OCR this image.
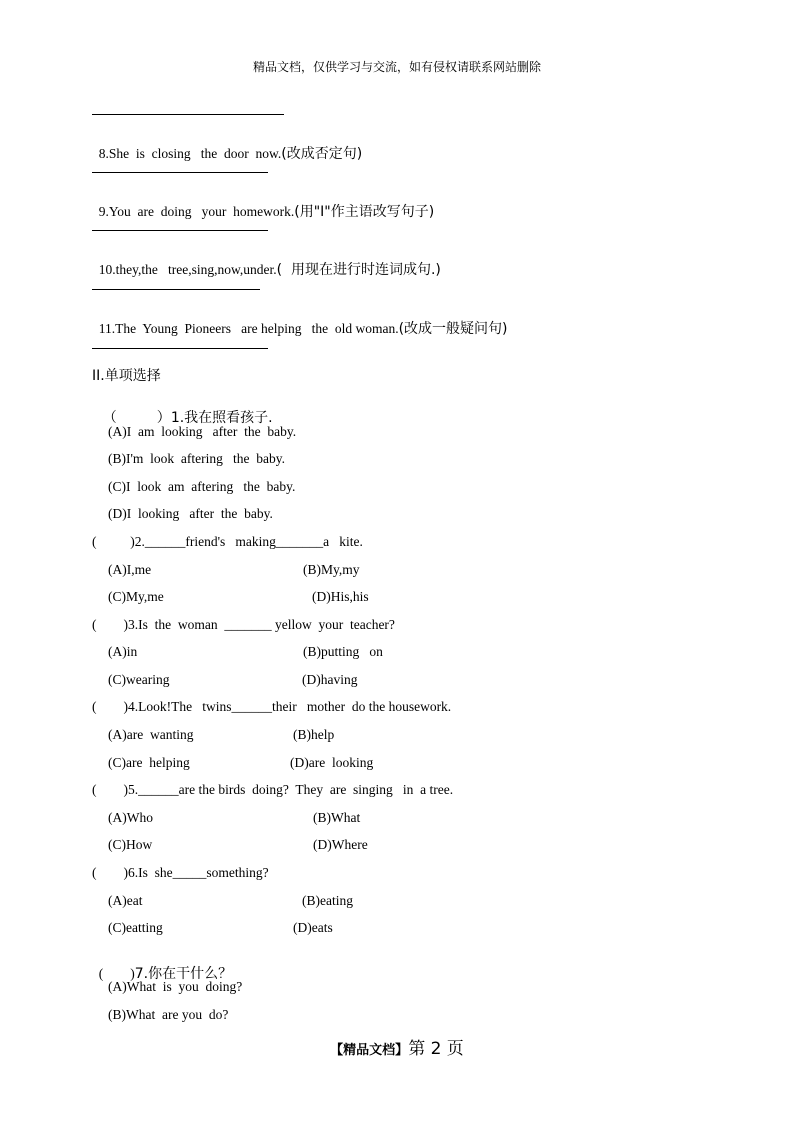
精品文档，仅供学习与交流，如有侵权请联系网站删除

8.She  is  closing   the  door  now.(改成否定句)

9.You  are  doing   your  homework.(用"I"作主语改写句子)

10.they,the   tree,sing,now,under.(  用现在进行时连词成句.)

11.The  Young  Pioneers   are helping   the  old woman.(改成一般疑问句)

II.单项选择

（         ）1.我在照看孩子.

(A)I  am  looking   after  the  baby.
(B)I'm  look  aftering   the  baby.
(C)I  look  am  aftering   the  baby.
(D)I  looking   after  the  baby.
(          )2.______friend's   making_______a   kite.
(A)I,me	(B)My,my
(C)My,me	(D)His,his
(        )3.Is  the  woman  _______ yellow  your  teacher?
(A)in	(B)putting   on
(C)wearing	(D)having
(        )4.Look!The   twins______their   mother  do the housework.
(A)are  wanting	(B)help
(C)are  helping	(D)are  looking
(        )5.______are the birds  doing?  They  are  singing   in  a tree.
(A)Who	(B)What
(C)How	(D)Where
(        )6.Is  she_____something?
(A)eat	(B)eating
(C)eatting	(D)eats

(        )7.你在干什么？

(A)What  is  you  doing?
(B)What  are you  do?
【精品文档】第 2 页
